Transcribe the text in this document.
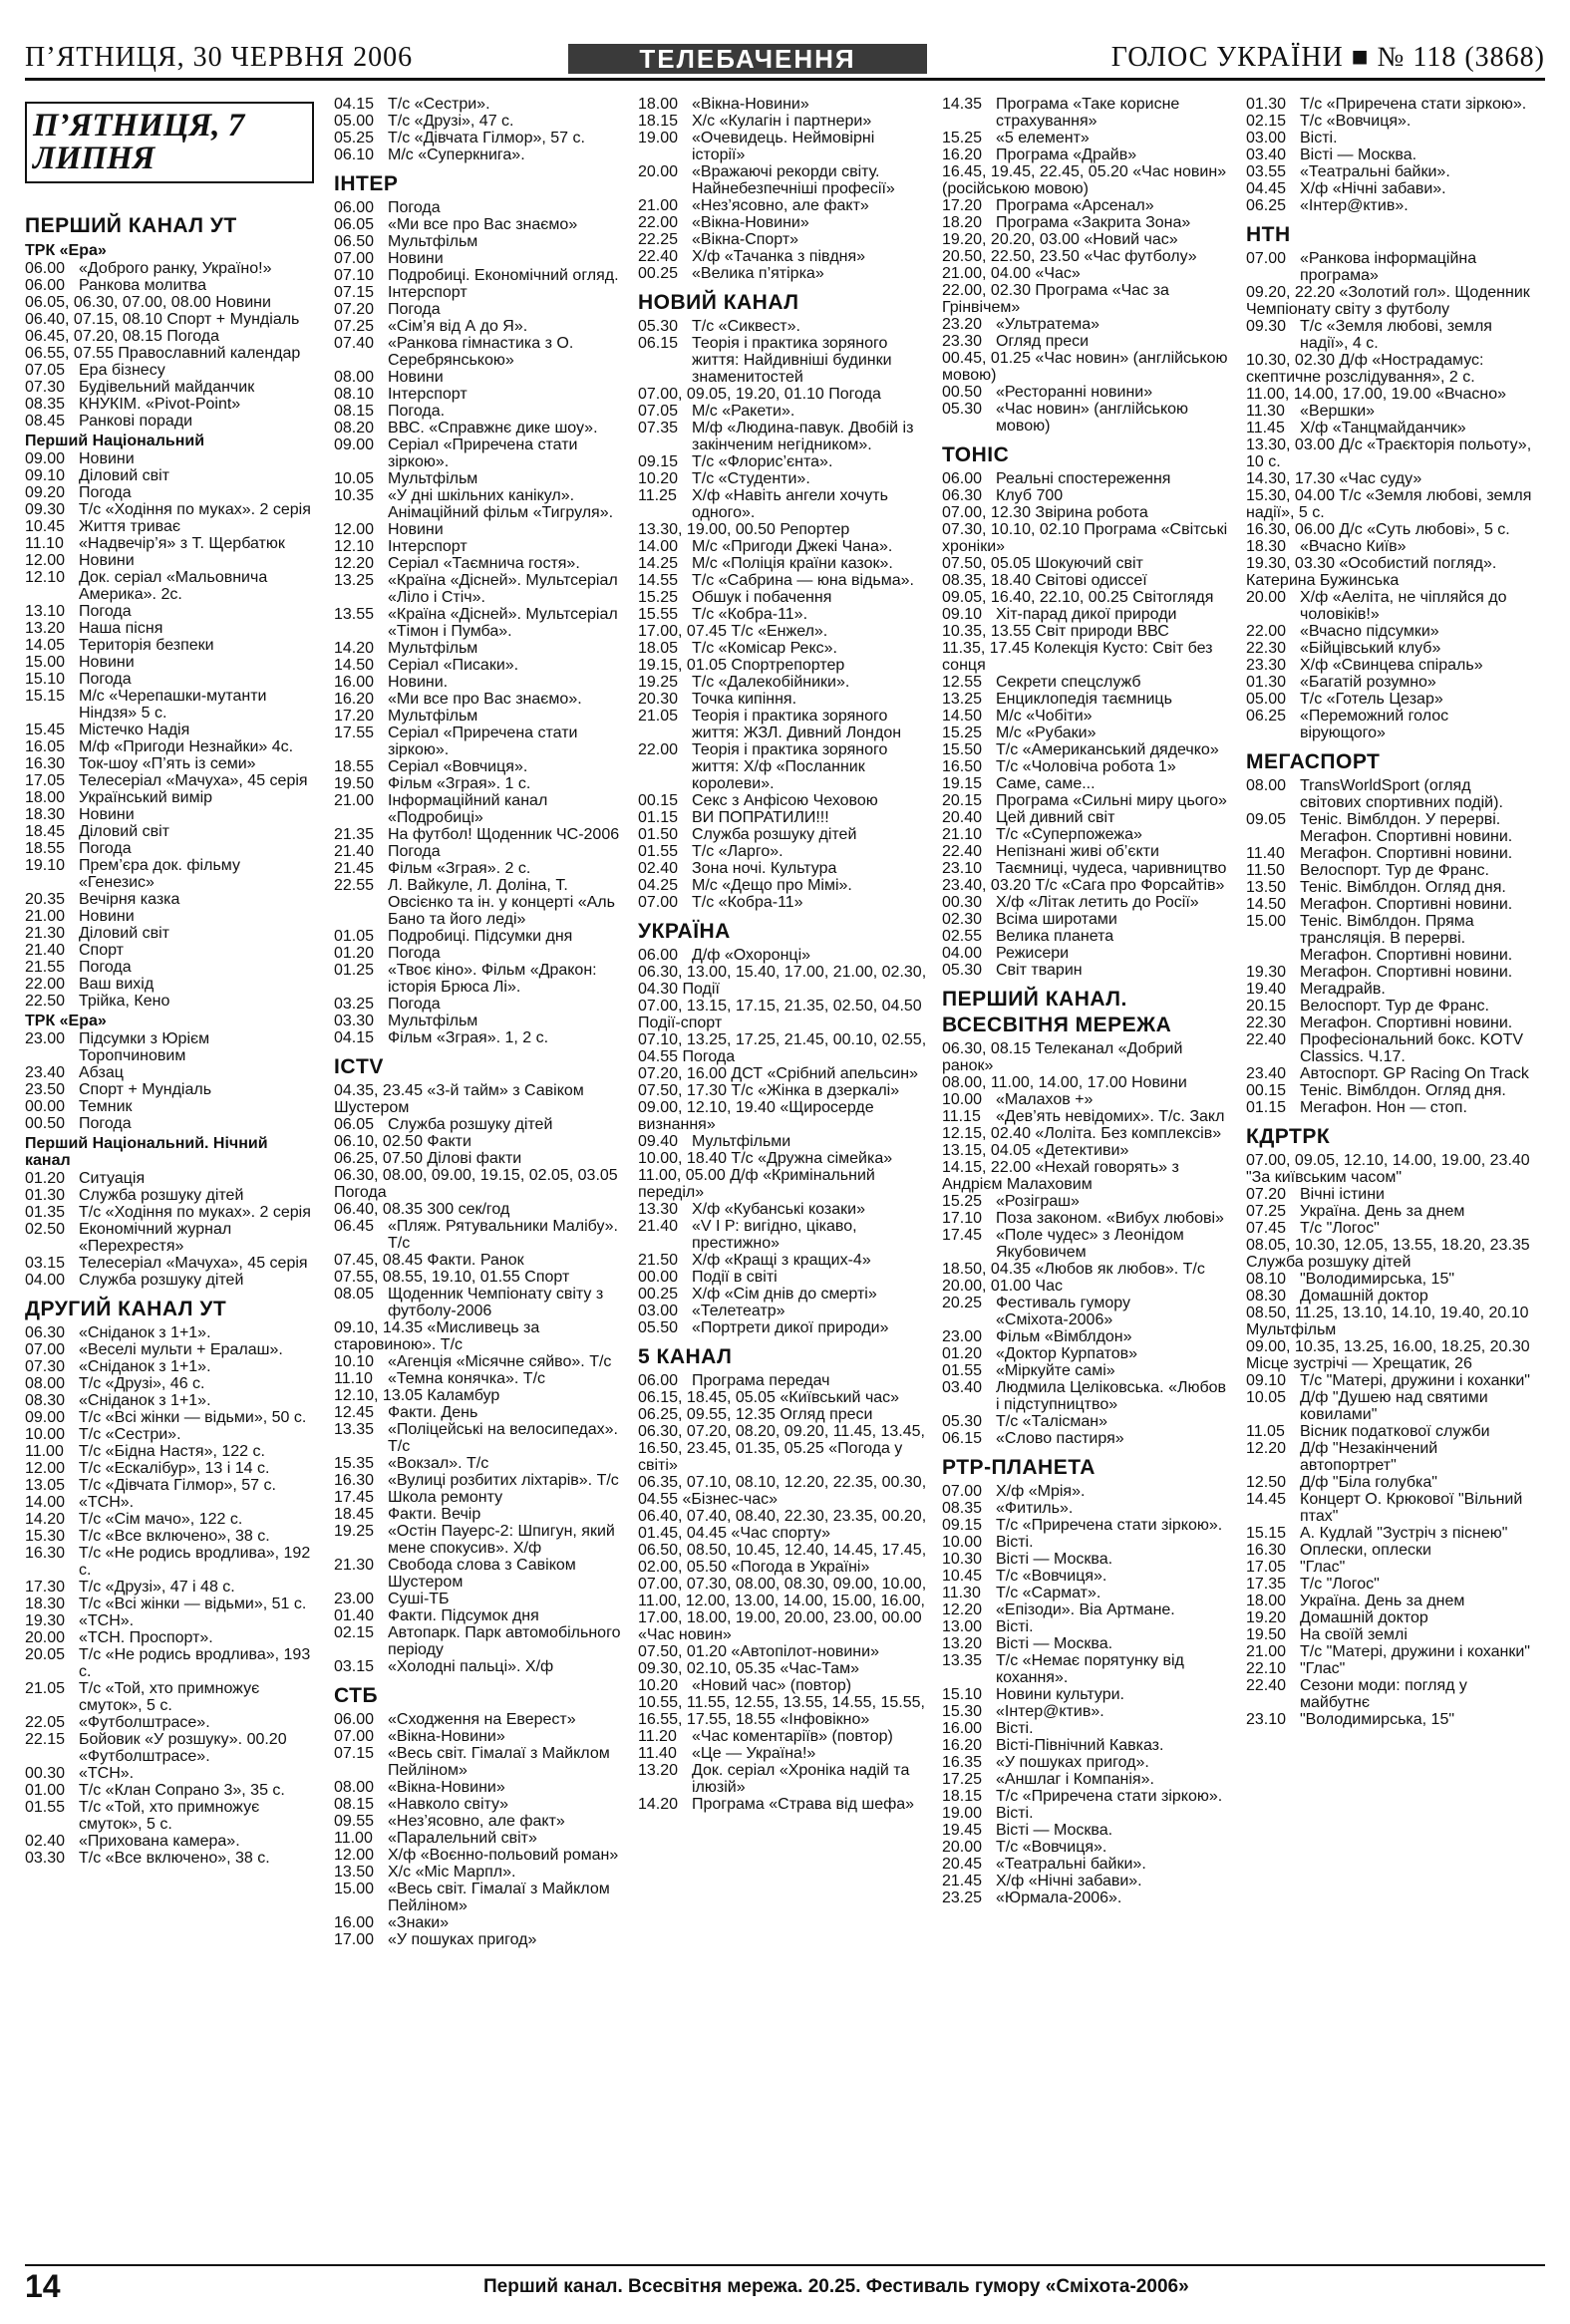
П’ЯТНИЦЯ, 30 ЧЕРВНЯ 2006	ТЕЛЕБАЧЕННЯ	ГОЛОС УКРАЇНИ ■ № 118 (3868)
П’ЯТНИЦЯ, 7 ЛИПНЯ
ПЕРШИЙ КАНАЛ УТ
ТРК «Ера»
06.00 «Доброго ранку, Україно!»
06.00 Ранкова молитва
06.05, 06.30, 07.00, 08.00 Новини
06.40, 07.15, 08.10 Спорт + Мундіаль
06.45, 07.20, 08.15 Погода
06.55, 07.55 Православний календар
07.05 Ера бізнесу
07.30 Будівельний майданчик
08.35 КНУКІМ. «Pivot-Point»
08.45 Ранкові поради
Перший Національний
09.00 Новини
09.10 Діловий світ
09.20 Погода
09.30 Т/с «Ходіння по муках». 2 серія
10.45 Життя триває
11.10 «Надвечір’я» з Т. Щербатюк
12.00 Новини
12.10 Док. серіал «Мальовнича Америка». 2с.
13.10 Погода
13.20 Наша пісня
14.05 Територія безпеки
15.00 Новини
15.10 Погода
15.15 М/с «Черепашки-мутанти Ніндзя» 5 с.
15.45 Містечко Надія
16.05 М/ф «Пригоди Незнайки» 4с.
16.30 Ток-шоу «П’ять із семи»
17.05 Телесеріал «Мачуха», 45 серія
18.00 Український вимір
18.30 Новини
18.45 Діловий світ
18.55 Погода
19.10 Прем’єра док. фільму «Генезис»
20.35 Вечірня казка
21.00 Новини
21.30 Діловий світ
21.40 Спорт
21.55 Погода
22.00 Ваш вихід
22.50 Трійка, Кено
ТРК «Ера»
23.00 Підсумки з Юрієм Торопчиновим
23.40 Абзац
23.50 Спорт + Мундіаль
00.00 Темник
00.50 Погода
Перший Національний. Нічний канал
01.20 Ситуація
01.30 Служба розшуку дітей
01.35 Т/с «Ходіння по муках». 2 серія
02.50 Економічний журнал «Перехрестя»
03.15 Телесеріал «Мачуха», 45 серія
04.00 Служба розшуку дітей
ДРУГИЙ КАНАЛ УТ
06.30 «Сніданок з 1+1».
07.00 «Веселі мульти + Ералаш».
07.30 «Сніданок з 1+1».
08.00 Т/с «Друзі», 46 с.
08.30 «Сніданок з 1+1».
09.00 Т/с «Всі жінки — відьми», 50 с.
10.00 Т/с «Сестри».
11.00 Т/с «Бідна Настя», 122 с.
12.00 Т/с «Ескалібур», 13 і 14 с.
13.05 Т/с «Дівчата Гілмор», 57 с.
14.00 «ТСН».
14.20 Т/с «Сім мачо», 122 с.
15.30 Т/с «Все включено», 38 с.
16.30 Т/с «Не родись вродлива», 192 с.
17.30 Т/с «Друзі», 47 і 48 с.
18.30 Т/с «Всі жінки — відьми», 51 с.
19.30 «ТСН».
20.00 «ТСН. Проспорт».
20.05 Т/с «Не родись вродлива», 193 с.
21.05 Т/с «Той, хто примножує смуток», 5 с.
22.05 «Футболштрасе».
22.15 Бойовик «У розшуку». 00.20 «Футболштрасе».
00.30 «ТСН».
01.00 Т/с «Клан Сопрано 3», 35 с.
01.55 Т/с «Той, хто примножує смуток», 5 с.
02.40 «Прихована камера».
03.30 Т/с «Все включено», 38 с.
04.15 Т/с «Сестри».
05.00 Т/с «Друзі», 47 с.
05.25 Т/с «Дівчата Гілмор», 57 с.
06.10 М/с «Суперкнига».
ІНТЕР
06.00 Погода
06.05 «Ми все про Вас знаємо»
06.50 Мультфільм
07.00 Новини
07.10 Подробиці. Економічний огляд.
07.15 Інтерспорт
07.20 Погода
07.25 «Сім’я від А до Я».
07.40 «Ранкова гімнастика з О. Серебрянською»
08.00 Новини
08.10 Інтерспорт
08.15 Погода.
08.20 ВВС. «Справжнє дике шоу».
09.00 Серіал «Приречена стати зіркою».
10.05 Мультфільм
10.35 «У дні шкільних канікул». Анімаційний фільм «Тигруля».
12.00 Новини
12.10 Інтерспорт
12.20 Серіал «Таємнича гостя».
13.25 «Країна «Дісней». Мультсеріал «Ліло і Стіч».
13.55 «Країна «Дісней». Мультсеріал «Тімон і Пумба».
14.20 Мультфільм
14.50 Серіал «Писаки».
16.00 Новини.
16.20 «Ми все про Вас знаємо».
17.20 Мультфільм
17.55 Серіал «Приречена стати зіркою».
18.55 Серіал «Вовчиця».
19.50 Фільм «Зграя». 1 с.
21.00 Інформаційний канал «Подробиці»
21.35 На футбол! Щоденник ЧС-2006
21.40 Погода
21.45 Фільм «Зграя». 2 с.
22.55 Л. Вайкуле, Л. Доліна, Т. Овсієнко та ін. у концерті «Аль Бано та його леді»
01.05 Подробиці. Підсумки дня
01.20 Погода
01.25 «Твоє кіно». Фільм «Дракон: історія Брюса Лі».
03.25 Погода
03.30 Мультфільм
04.15 Фільм «Зграя». 1, 2 с.
ICTV
04.35, 23.45 «3-й тайм» з Савіком Шустером
06.05 Служба розшуку дітей
06.10, 02.50 Факти
06.25, 07.50 Ділові факти
06.30, 08.00, 09.00, 19.15, 02.05, 03.05 Погода
06.40, 08.35 300 сек/год
06.45 «Пляж. Рятувальники Малібу». Т/с
07.45, 08.45 Факти. Ранок
07.55, 08.55, 19.10, 01.55 Спорт
08.05 Щоденник Чемпіонату світу з футболу-2006
09.10, 14.35 «Мисливець за старовиною». Т/с
10.10 «Агенція «Місячне сяйво». Т/с
11.10 «Темна конячка». Т/с
12.10, 13.05 Каламбур
12.45 Факти. День
13.35 «Поліцейські на велосипедах». Т/с
15.35 «Вокзал». Т/с
16.30 «Вулиці розбитих ліхтарів». Т/с
17.45 Школа ремонту
18.45 Факти. Вечір
19.25 «Остін Пауерс-2: Шпигун, який мене спокусив». Х/ф
21.30 Свобода слова з Савіком Шустером
23.00 Суші-ТБ
01.40 Факти. Підсумок дня
02.15 Автопарк. Парк автомобільного періоду
03.15 «Холодні пальці». Х/ф
СТБ
06.00 «Сходження на Еверест»
07.00 «Вікна-Новини»
07.15 «Весь світ. Гімалаї з Майклом Пейліном»
08.00 «Вікна-Новини»
08.15 «Навколо світу»
09.55 «Нез’ясовно, але факт»
11.00 «Паралельний світ»
12.00 Х/ф «Воєнно-польовий роман»
13.50 Х/с «Міс Марпл».
15.00 «Весь світ. Гімалаї з Майклом Пейліном»
16.00 «Знаки»
17.00 «У пошуках пригод»
18.00 «Вікна-Новини»
18.15 Х/с «Кулагін і партнери»
19.00 «Очевидець. Неймовірні історії»
20.00 «Вражаючі рекорди світу. Найнебезпечніші професії»
21.00 «Нез’ясовно, але факт»
22.00 «Вікна-Новини»
22.25 «Вікна-Спорт»
22.40 Х/ф «Тачанка з півдня»
00.25 «Велика п’ятірка»
НОВИЙ КАНАЛ
05.30 Т/с «Сиквест».
06.15 Теорія і практика зоряного життя: Найдивніші будинки знаменитостей
07.00, 09.05, 19.20, 01.10 Погода
07.05 М/с «Ракети».
07.35 М/ф «Людина-павук. Двобій із закінченим негідником».
09.15 Т/с «Флорис’єнта».
10.20 Т/с «Студенти».
11.25 Х/ф «Навіть ангели хочуть одного».
13.30, 19.00, 00.50 Репортер
14.00 М/с «Пригоди Джекі Чана».
14.25 М/с «Поліція країни казок».
14.55 Т/с «Сабрина — юна відьма».
15.25 Обшук і побачення
15.55 Т/с «Кобра-11».
17.00, 07.45 Т/с «Енжел».
18.05 Т/с «Комісар Рекс».
19.15, 01.05 Спортрепортер
19.25 Т/с «Далекобійники».
20.30 Точка кипіння.
21.05 Теорія і практика зоряного життя: ЖЗЛ. Дивний Лондон
22.00 Теорія і практика зоряного життя: Х/ф «Посланник королеви».
00.15 Секс з Анфісою Чеховою
01.15 ВИ ПОПРАТИЛИ!!!
01.50 Служба розшуку дітей
01.55 Т/с «Ларго».
02.40 Зона ночі. Культура
04.25 М/с «Дещо про Мімі».
07.00 Т/с «Кобра-11»
УКРАЇНА
06.00 Д/ф «Охоронці»
06.30, 13.00, 15.40, 17.00, 21.00, 02.30, 04.30 Події
07.00, 13.15, 17.15, 21.35, 02.50, 04.50 Події-спорт
07.10, 13.25, 17.25, 21.45, 00.10, 02.55, 04.55 Погода
07.20, 16.00 ДСТ «Срібний апельсин»
07.50, 17.30 Т/с «Жінка в дзеркалі»
09.00, 12.10, 19.40 «Щиросерде визнання»
09.40 Мультфільми
10.00, 18.40 Т/с «Дружна сімейка»
11.00, 05.00 Д/ф «Кримінальний переділ»
13.30 Х/ф «Кубанські козаки»
21.40 «V І Р: вигідно, цікаво, престижно»
21.50 Х/ф «Кращі з кращих-4»
00.00 Події в світі
00.25 Х/ф «Сім днів до смерті»
03.00 «Телетеатр»
05.50 «Портрети дикої природи»
5 КАНАЛ
06.00 Програма передач
06.15, 18.45, 05.05 «Київський час»
06.25, 09.55, 12.35 Огляд преси
06.30, 07.20, 08.20, 09.20, 11.45, 13.45, 16.50, 23.45, 01.35, 05.25 «Погода у світі»
06.35, 07.10, 08.10, 12.20, 22.35, 00.30, 04.55 «Бізнес-час»
06.40, 07.40, 08.40, 22.30, 23.35, 00.20, 01.45, 04.45 «Час спорту»
06.50, 08.50, 10.45, 12.40, 14.45, 17.45, 02.00, 05.50 «Погода в Україні»
07.00, 07.30, 08.00, 08.30, 09.00, 10.00, 11.00, 12.00, 13.00, 14.00, 15.00, 16.00, 17.00, 18.00, 19.00, 20.00, 23.00, 00.00 «Час новин»
07.50, 01.20 «Автопілот-новини»
09.30, 02.10, 05.35 «Час-Там»
10.20 «Новий час» (повтор)
10.55, 11.55, 12.55, 13.55, 14.55, 15.55, 16.55, 17.55, 18.55 «Інфовікно»
11.20 «Час коментаріїв» (повтор)
11.40 «Це — Україна!»
13.20 Док. серіал «Хроніка надій та ілюзій»
14.20 Програма «Страва від шефа»
14.35 Програма «Таке корисне страхування»
15.25 «5 елемент»
16.20 Програма «Драйв»
16.45, 19.45, 22.45, 05.20 «Час новин» (російською мовою)
17.20 Програма «Арсенал»
18.20 Програма «Закрита Зона»
19.20, 20.20, 03.00 «Новий час»
20.50, 22.50, 23.50 «Час футболу»
21.00, 04.00 «Час»
22.00, 02.30 Програма «Час за Грінвічем»
23.20 «Ультратема»
23.30 Огляд преси
00.45, 01.25 «Час новин» (англійською мовою)
00.50 «Ресторанні новини»
05.30 «Час новин» (англійською мовою)
ТОНІС
06.00 Реальні спостереження
06.30 Клуб 700
07.00, 12.30 Звірина робота
07.30, 10.10, 02.10 Програма «Світські хроніки»
07.50, 05.05 Шокуючий світ
08.35, 18.40 Світові одиссеї
09.05, 16.40, 22.10, 00.25 Світоглядя
09.10 Хіт-парад дикої природи
10.35, 13.55 Світ природи ВВС
11.35, 17.45 Колекція Кусто: Світ без сонця
12.55 Секрети спецслужб
13.25 Енциклопедія таємниць
14.50 М/с «Чобіти»
15.25 М/с «Рубаки»
15.50 Т/с «Американський дядечко»
16.50 Т/с «Чоловіча робота 1»
19.15 Саме, саме...
20.15 Програма «Сильні миру цього»
20.40 Цей дивний світ
21.10 Т/с «Суперпожежа»
22.40 Непізнані живі об’єкти
23.10 Таємниці, чудеса, чаривництво
23.40, 03.20 Т/с «Сага про Форсайтів»
00.30 Х/ф «Літак летить до Росії»
02.30 Всіма широтами
02.55 Велика планета
04.00 Режисери
05.30 Світ тварин
ПЕРШИЙ КАНАЛ. ВСЕСВІТНЯ МЕРЕЖА
06.30, 08.15 Телеканал «Добрий ранок»
08.00, 11.00, 14.00, 17.00 Новини
10.00 «Малахов +»
11.15 «Дев’ять невідомих». Т/с. Закл
12.15, 02.40 «Лоліта. Без комплексів»
13.15, 04.05 «Детективи»
14.15, 22.00 «Нехай говорять» з Андрієм Малаховим
15.25 «Розіграш»
17.10 Поза законом. «Вибух любові»
17.45 «Поле чудес» з Леонідом Якубовичем
18.50, 04.35 «Любов як любов». Т/с
20.00, 01.00 Час
20.25 Фестиваль гумору «Сміхота-2006»
23.00 Фільм «Вімблдон»
01.20 «Доктор Курпатов»
01.55 «Міркуйте самі»
03.40 Людмила Целіковська. «Любов і підступництво»
05.30 Т/с «Талісман»
06.15 «Слово пастиря»
РТР-ПЛАНЕТА
07.00 Х/ф «Мрія».
08.35 «Фитиль».
09.15 Т/с «Приречена стати зіркою».
10.00 Вісті.
10.30 Вісті — Москва.
10.45 Т/с «Вовчиця».
11.30 Т/с «Сармат».
12.20 «Епізоди». Віа Артмане.
13.00 Вісті.
13.20 Вісті — Москва.
13.35 Т/с «Немає порятунку від кохання».
15.10 Новини культури.
15.30 «Інтер@ктив».
16.00 Вісті.
16.20 Вісті-Північний Кавказ.
16.35 «У пошуках пригод».
17.25 «Аншлаг і Компанія».
18.15 Т/с «Приречена стати зіркою».
19.00 Вісті.
19.45 Вісті — Москва.
20.00 Т/с «Вовчиця».
20.45 «Театральні байки».
21.45 Х/ф «Нічні забави».
23.25 «Юрмала-2006».
01.30 Т/с «Приречена стати зіркою».
02.15 Т/с «Вовчиця».
03.00 Вісті.
03.40 Вісті — Москва.
03.55 «Театральні байки».
04.45 Х/ф «Нічні забави».
06.25 «Інтер@ктив».
НТН
07.00 «Ранкова інформаційна програма»
09.20, 22.20 «Золотий гол». Щоденник Чемпіонату світу з футболу
09.30 Т/с «Земля любові, земля надії», 4 с.
10.30, 02.30 Д/ф «Нострадамус: скептичне розслідування», 2 с.
11.00, 14.00, 17.00, 19.00 «Вчасно»
11.30 «Вершки»
11.45 Х/ф «Танцмайданчик»
13.30, 03.00 Д/с «Траєкторія польоту», 10 с.
14.30, 17.30 «Час суду»
15.30, 04.00 Т/с «Земля любові, земля надії», 5 с.
16.30, 06.00 Д/с «Суть любові», 5 с.
18.30 «Вчасно Київ»
19.30, 03.30 «Особистий погляд». Катерина Бужинська
20.00 Х/ф «Аеліта, не чіпляйся до чоловіків!»
22.00 «Вчасно підсумки»
22.30 «Бійцівський клуб»
23.30 Х/ф «Свинцева спіраль»
01.30 «Багатій розумно»
05.00 Т/с «Готель Цезар»
06.25 «Переможний голос вірующого»
МЕГАСПОРТ
08.00 TransWorldSport (огляд світових спортивних подій).
09.05 Теніс. Вімблдон. У перерві. Мегафон. Спортивні новини.
11.40 Мегафон. Спортивні новини.
11.50 Велоспорт. Тур де Франс.
13.50 Теніс. Вімблдон. Огляд дня.
14.50 Мегафон. Спортивні новини.
15.00 Теніс. Вімблдон. Пряма трансляція. В перерві. Мегафон. Спортивні новини.
19.30 Мегафон. Спортивні новини.
19.40 Мегадрайв.
20.15 Велоспорт. Тур де Франс.
22.30 Мегафон. Спортивні новини.
22.40 Професіональний бокс. KOTV Classics. Ч.17.
23.40 Автоспорт. GP Racing On Track
00.15 Теніс. Вімблдон. Огляд дня.
01.15 Мегафон. Нон — стоп.
КДРТРК
07.00, 09.05, 12.10, 14.00, 19.00, 23.40 "За київським часом"
07.20 Вічні істини
07.25 Україна. День за днем
07.45 Т/с "Логос"
08.05, 10.30, 12.05, 13.55, 18.20, 23.35 Служба розшуку дітей
08.10 "Володимирська, 15"
08.30 Домашній доктор
08.50, 11.25, 13.10, 14.10, 19.40, 20.10 Мультфільм
09.00, 10.35, 13.25, 16.00, 18.25, 20.30 Місце зустрічі — Хрещатик, 26
09.10 Т/с "Матері, дружини і коханки"
10.05 Д/ф "Душею над святими ковилами"
11.05 Вісник податкової служби
12.20 Д/ф "Незакінчений автопортрет"
12.50 Д/ф "Біла голубка"
14.45 Концерт О. Крюкової "Вільний птах"
15.15 А. Кудлай "Зустріч з піснею"
16.30 Оплески, оплески
17.05 "Глас"
17.35 Т/с "Логос"
18.00 Україна. День за днем
19.20 Домашній доктор
19.50 На своїй землі
21.00 Т/с "Матері, дружини і коханки"
22.10 "Глас"
22.40 Сезони моди: погляд у майбутнє
23.10 "Володимирська, 15"
14	Перший канал. Всесвітня мережа. 20.25. Фестиваль гумору «Сміхота-2006»
